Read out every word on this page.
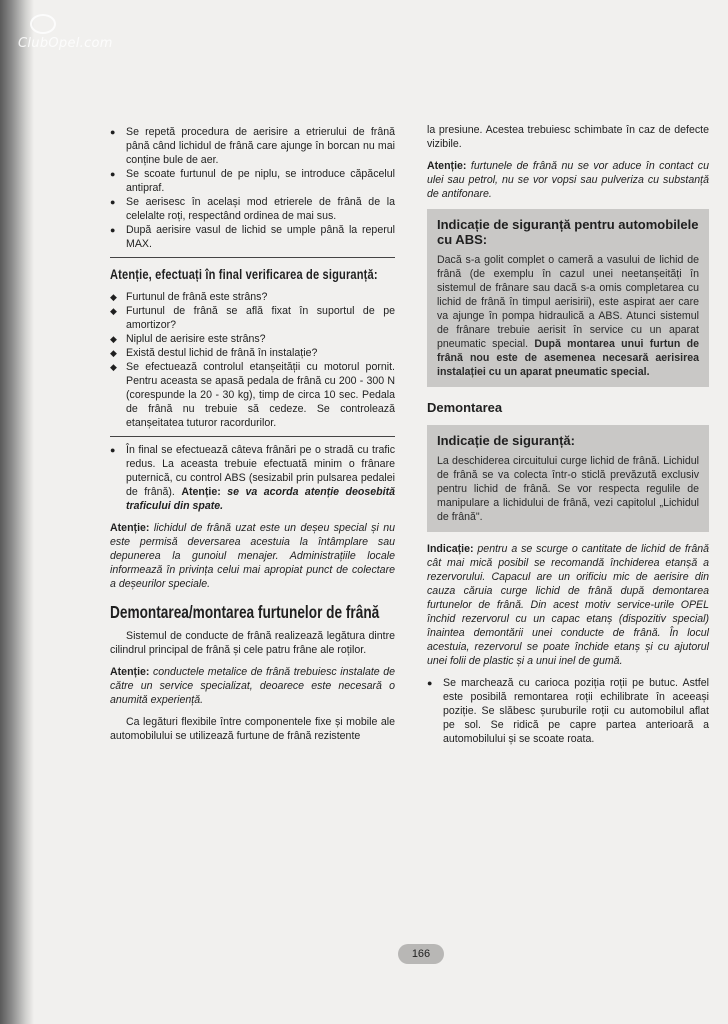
ClubOpel.com
● Se repetă procedura de aerisire a etrierului de frână până când lichidul de frână care ajunge în borcan nu mai conține bule de aer.
● Se scoate furtunul de pe niplu, se introduce căpăcelul antipraf.
● Se aerisesc în același mod etrierele de frână de la celelalte roți, respectând ordinea de mai sus.
● După aerisire vasul de lichid se umple până la reperul MAX.
Atenție, efectuați în final verificarea de siguranță:
◆ Furtunul de frână este strâns?
◆ Furtunul de frână se află fixat în suportul de pe amortizor?
◆ Niplul de aerisire este strâns?
◆ Există destul lichid de frână în instalație?
◆ Se efectuează controlul etanșeității cu motorul pornit. Pentru aceasta se apasă pedala de frână cu 200 - 300 N (corespunde la 20 - 30 kg), timp de circa 10 sec. Pedala de frână nu trebuie să cedeze. Se controlează etanșeitatea tuturor racordurilor.
● În final se efectuează câteva frânări pe o stradă cu trafic redus. La aceasta trebuie efectuată minim o frânare puternică, cu control ABS (sesizabil prin pulsarea pedalei de frână). Atenție: se va acorda atenție deosebită traficului din spate.

Atenție: lichidul de frână uzat este un deșeu special și nu este permisă deversarea acestuia la întâmplare sau depunerea la gunoiul menajer. Administrațiile locale informează în privința celui mai apropiat punct de colectare a deșeurilor speciale.

Demontarea/montarea furtunelor de frână

Sistemul de conducte de frână realizează legătura dintre cilindrul principal de frână și cele patru frâne ale roților.

Atenție: conductele metalice de frână trebuiesc instalate de către un service specializat, deoarece este necesară o anumită experiență.

Ca legături flexibile între componentele fixe și mobile ale automobilului se utilizează furtune de frână rezistente

la presiune. Acestea trebuiesc schimbate în caz de defecte vizibile.

Atenție: furtunele de frână nu se vor aduce în contact cu ulei sau petrol, nu se vor vopsi sau pulveriza cu substanță de antifonare.

Indicație de siguranță pentru automobilele cu ABS:

Dacă s-a golit complet o cameră a vasului de lichid de frână (de exemplu în cazul unei neetanșeități în sistemul de frânare sau dacă s-a omis completarea cu lichid de frână în timpul aerisirii), este aspirat aer care va ajunge în pompa hidraulică a ABS. Atunci sistemul de frânare trebuie aerisit în service cu un aparat pneumatic special. După montarea unui furtun de frână nou este de asemenea necesară aerisirea instalației cu un aparat pneumatic special.

Demontarea
Indicație de siguranță:

La deschiderea circuitului curge lichid de frână. Lichidul de frână se va colecta într-o sticlă prevăzută exclusiv pentru lichid de frână. Se vor respecta regulile de manipulare a lichidului de frână, vezi capitolul „Lichidul de frână".

Indicație: pentru a se scurge o cantitate de lichid de frână cât mai mică posibil se recomandă închiderea etanșă a rezervorului. Capacul are un orificiu mic de aerisire din cauza căruia curge lichid de frână după demontarea furtunelor de frână. Din acest motiv service-urile OPEL închid rezervorul cu un capac etanș (dispozitiv special) înaintea demontării unei conducte de frână. În locul acestuia, rezervorul se poate închide etanș și cu ajutorul unei folii de plastic și a unui inel de gumă.

● Se marchează cu carioca poziția roții pe butuc. Astfel este posibilă remontarea roții echilibrate în aceeași poziție. Se slăbesc șuruburile roții cu automobilul aflat pe sol. Se ridică pe capre partea anterioară a automobilului și se scoate roata.
166
